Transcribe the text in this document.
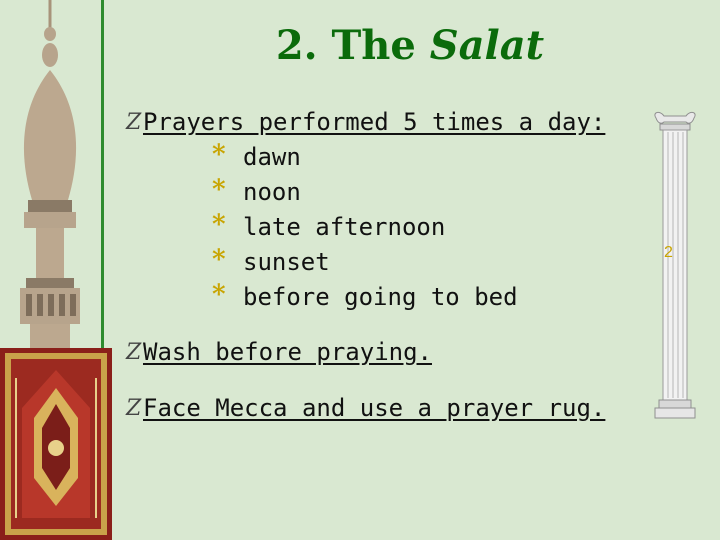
2. The Salat
Z Prayers performed 5 times a day:
* dawn
* noon
* late afternoon
* sunset
* before going to bed
Z Wash before praying.
Z Face Mecca and use a prayer rug.
2
